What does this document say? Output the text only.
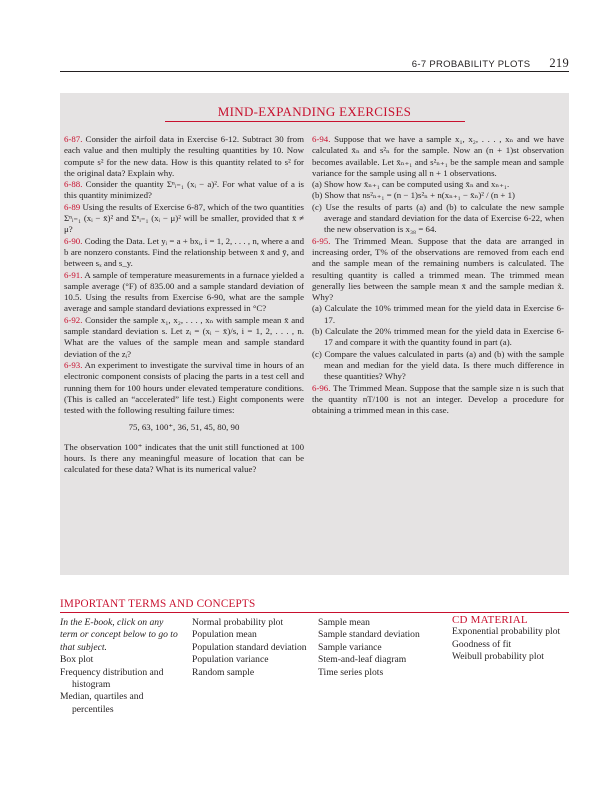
6-7 PROBABILITY PLOTS 219
MIND-EXPANDING EXERCISES

6-87. Consider the airfoil data in Exercise 6-12. Subtract 30 from each value and then multiply the resulting quantities by 10. Now compute s² for the new data. How is this quantity related to s² for the original data? Explain why.

6-88. Consider the quantity Σⁿᵢ₌₁ (xᵢ − a)². For what value of a is this quantity minimized?

6-89 Using the results of Exercise 6-87, which of the two quantities Σⁿᵢ₌₁ (xᵢ − x̄)² and Σⁿᵢ₌₁ (xᵢ − μ)² will be smaller, provided that x̄ ≠ μ?

6-90. Coding the Data. Let yᵢ = a + bxᵢ, i = 1, 2, . . . , n, where a and b are nonzero constants. Find the relationship between x̄ and ȳ, and between sₓ and s_y.

6-91. A sample of temperature measurements in a furnace yielded a sample average (°F) of 835.00 and a sample standard deviation of 10.5. Using the results from Exercise 6-90, what are the sample average and sample standard deviations expressed in °C?

6-92. Consider the sample x₁, x₂, . . . , xₙ with sample mean x̄ and sample standard deviation s. Let zᵢ = (xᵢ − x̄)/s, i = 1, 2, . . . , n. What are the values of the sample mean and sample standard deviation of the zᵢ?

6-93. An experiment to investigate the survival time in hours of an electronic component consists of placing the parts in a test cell and running them for 100 hours under elevated temperature conditions. (This is called an “accelerated” life test.) Eight components were tested with the following resulting failure times:

75, 63, 100⁺, 36, 51, 45, 80, 90

The observation 100⁺ indicates that the unit still functioned at 100 hours. Is there any meaningful measure of location that can be calculated for these data? What is its numerical value?

6-94. Suppose that we have a sample x₁, x₂, . . . , xₙ and we have calculated x̄ₙ and s²ₙ for the sample. Now an (n + 1)st observation becomes available. Let x̄ₙ₊₁ and s²ₙ₊₁ be the sample mean and sample variance for the sample using all n + 1 observations.

(a) Show how x̄ₙ₊₁ can be computed using x̄ₙ and xₙ₊₁.

(b) Show that ns²ₙ₊₁ = (n − 1)s²ₙ + n(xₙ₊₁ − x̄ₙ)² / (n + 1)

(c) Use the results of parts (a) and (b) to calculate the new sample average and standard deviation for the data of Exercise 6-22, when the new observation is x₃₈ = 64.

6-95. The Trimmed Mean. Suppose that the data are arranged in increasing order, T% of the observations are removed from each end and the sample mean of the remaining numbers is calculated. The resulting quantity is called a trimmed mean. The trimmed mean generally lies between the sample mean x̄ and the sample median x̃. Why?

(a) Calculate the 10% trimmed mean for the yield data in Exercise 6-17.

(b) Calculate the 20% trimmed mean for the yield data in Exercise 6-17 and compare it with the quantity found in part (a).

(c) Compare the values calculated in parts (a) and (b) with the sample mean and median for the yield data. Is there much difference in these quantities? Why?

6-96. The Trimmed Mean. Suppose that the sample size n is such that the quantity nT/100 is not an integer. Develop a procedure for obtaining a trimmed mean in this case.

IMPORTANT TERMS AND CONCEPTS
In the E-book, click on any term or concept below to go to that subject.
Box plot
Frequency distribution and histogram
Median, quartiles and percentiles
Normal probability plot
Population mean
Population standard deviation
Population variance
Random sample
Sample mean
Sample standard deviation
Sample variance
Stem-and-leaf diagram
Time series plots
CD MATERIAL
Exponential probability plot
Goodness of fit
Weibull probability plot
